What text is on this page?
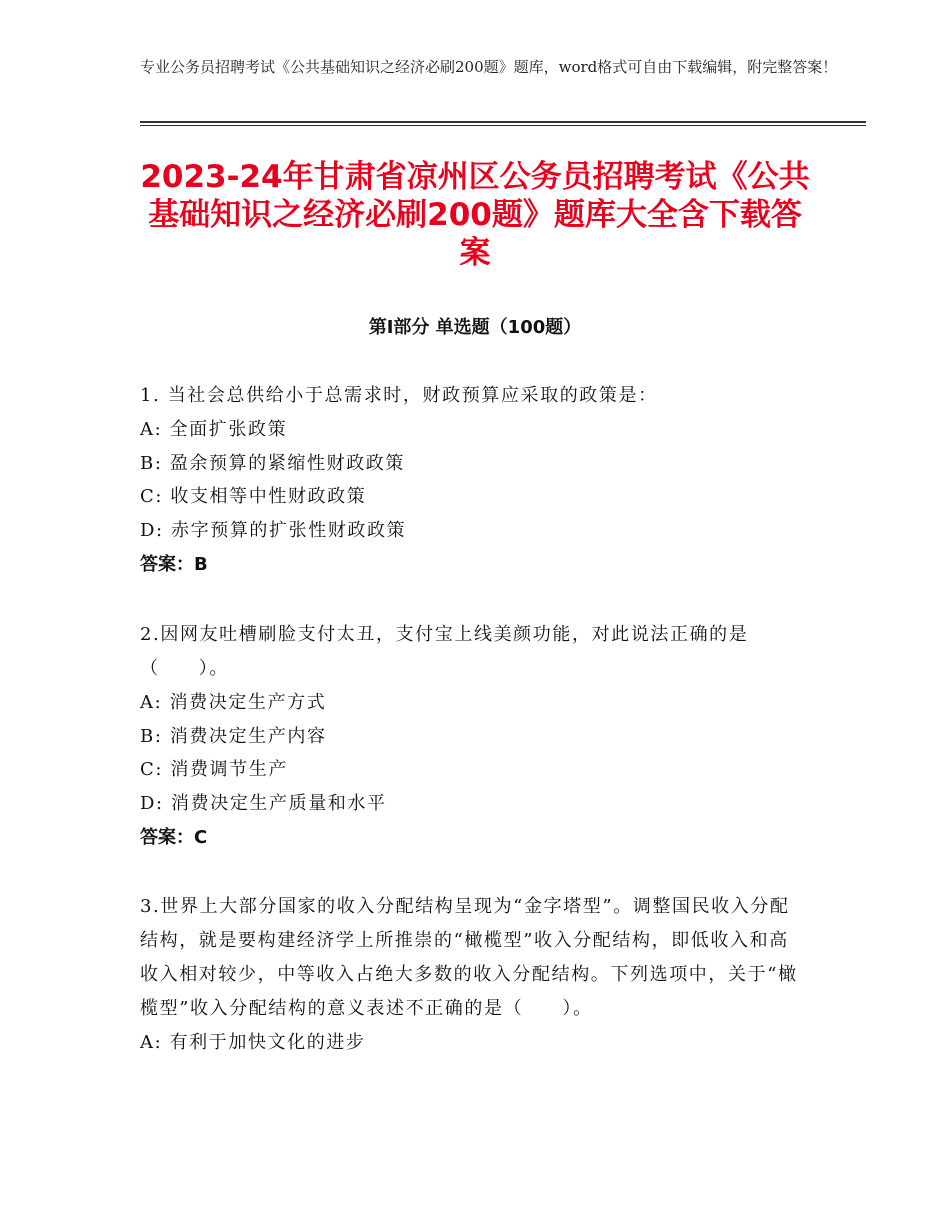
专业公务员招聘考试《公共基础知识之经济必刷200题》题库，word格式可自由下载编辑，附完整答案！
2023-24年甘肃省凉州区公务员招聘考试《公共基础知识之经济必刷200题》题库大全含下载答案
第Ⅰ部分 单选题（100题）
1. 当社会总供给小于总需求时，财政预算应采取的政策是：
A: 全面扩张政策
B: 盈余预算的紧缩性财政政策
C: 收支相等中性财政政策
D: 赤字预算的扩张性财政政策
答案：B
2.因网友吐槽刷脸支付太丑，支付宝上线美颜功能，对此说法正确的是（　　）。
A: 消费决定生产方式
B: 消费决定生产内容
C: 消费调节生产
D: 消费决定生产质量和水平
答案：C
3.世界上大部分国家的收入分配结构呈现为“金字塔型”。调整国民收入分配结构，就是要构建经济学上所推崇的“橄榄型”收入分配结构，即低收入和高收入相对较少，中等收入占绝大多数的收入分配结构。下列选项中，关于“橄榄型”收入分配结构的意义表述不正确的是（　　）。
A: 有利于加快文化的进步
